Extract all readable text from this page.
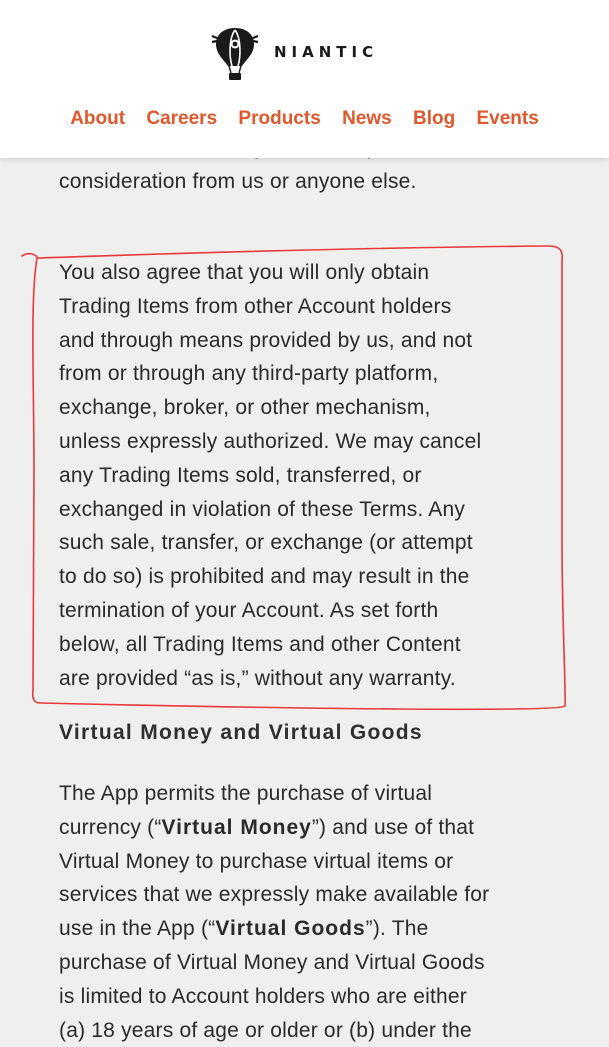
consideration from us or anyone else.

You also agree that you will only obtain
Trading Items from other Account holders
and through means provided by us, and not
from or through any third-party platform,
exchange, broker, or other mechanism,
unless expressly authorized. We may cancel
any Trading Items sold, transferred, or
exchanged in violation of these Terms. Any
such sale, transfer, or exchange (or attempt
to do so) is prohibited and may result in the
termination of your Account. As set forth
below, all Trading Items and other Content
are provided “as is,” without any warranty.

Virtual Money and Virtual Goods

The App permits the purchase of virtual
currency (“Virtual Money”) and use of that
Virtual Money to purchase virtual items or
services that we expressly make available for
use in the App (“Virtual Goods”). The
purchase of Virtual Money and Virtual Goods
is limited to Account holders who are either
(a) 18 years of age or older or (b) under the

NIANTIC
About Careers Products News Blog Events
